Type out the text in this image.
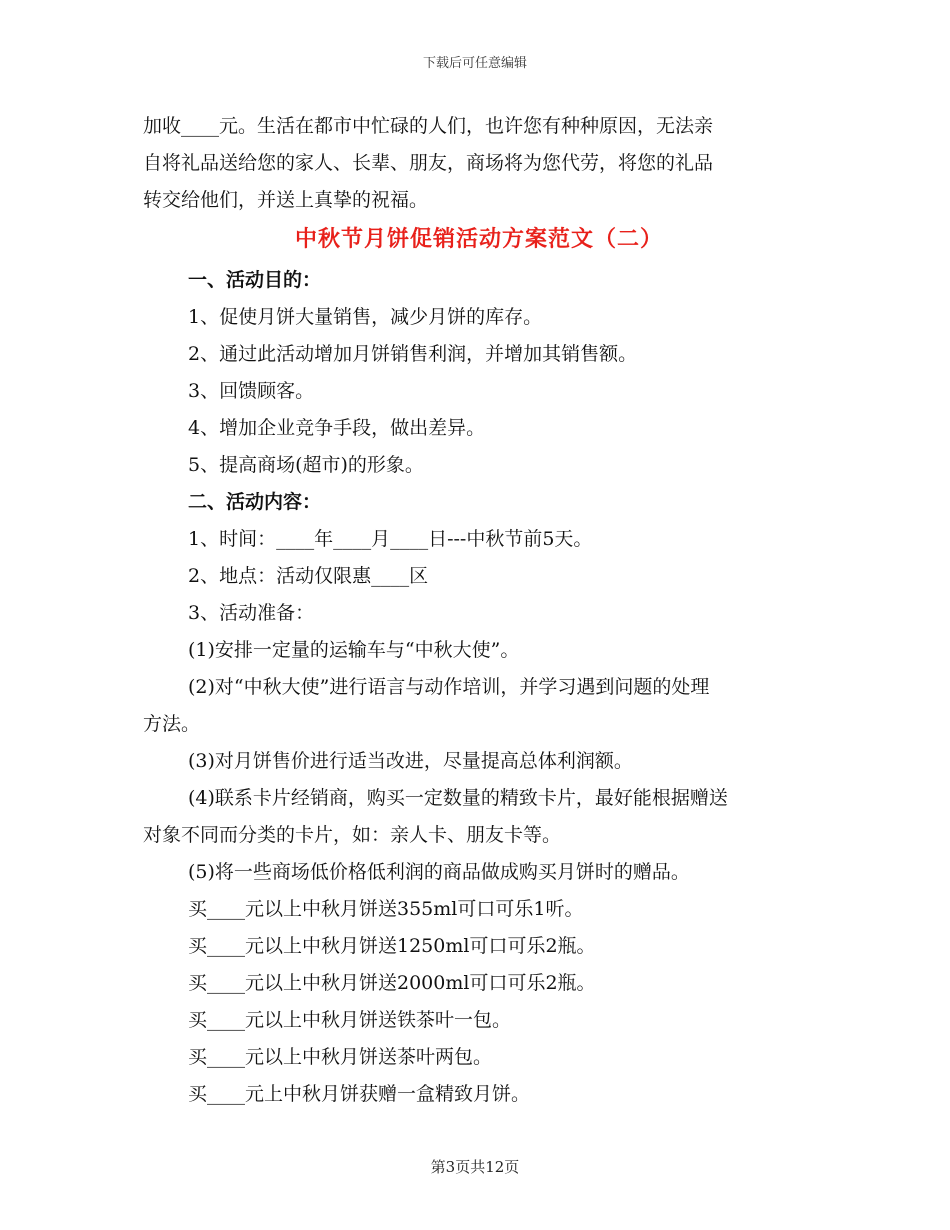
下载后可任意编辑

加收____元。生活在都市中忙碌的人们，也许您有种种原因，无法亲

自将礼品送给您的家人、长辈、朋友，商场将为您代劳，将您的礼品

转交给他们，并送上真挚的祝福。

中秋节月饼促销活动方案范文（二）

一、活动目的：

1、促使月饼大量销售，减少月饼的库存。

2、通过此活动增加月饼销售利润，并增加其销售额。

3、回馈顾客。

4、增加企业竞争手段，做出差异。

5、提高商场(超市)的形象。

二、活动内容：

1、时间：____年____月____日---中秋节前5天。

2、地点：活动仅限惠____区

3、活动准备：

(1)安排一定量的运输车与“中秋大使”。

(2)对“中秋大使”进行语言与动作培训，并学习遇到问题的处理

方法。

(3)对月饼售价进行适当改进，尽量提高总体利润额。

(4)联系卡片经销商，购买一定数量的精致卡片，最好能根据赠送

对象不同而分类的卡片，如：亲人卡、朋友卡等。

(5)将一些商场低价格低利润的商品做成购买月饼时的赠品。

买____元以上中秋月饼送355ml可口可乐1听。

买____元以上中秋月饼送1250ml可口可乐2瓶。

买____元以上中秋月饼送2000ml可口可乐2瓶。

买____元以上中秋月饼送铁茶叶一包。

买____元以上中秋月饼送茶叶两包。

买____元上中秋月饼获赠一盒精致月饼。

第3页共12页
